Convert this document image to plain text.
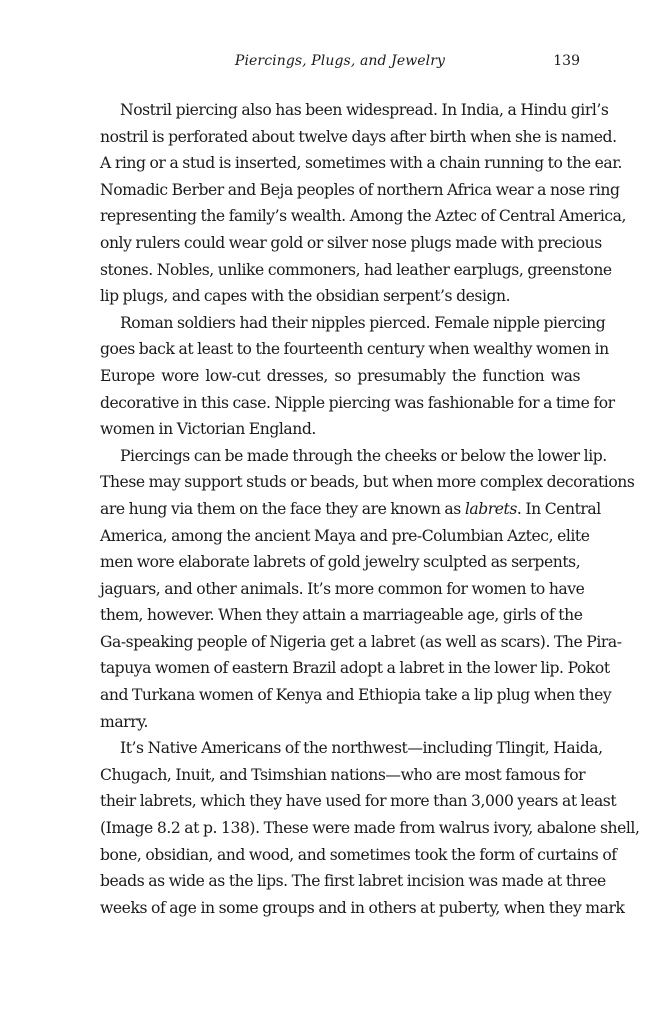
Piercings, Plugs, and Jewelry	139

Nostril piercing also has been widespread. In India, a Hindu girl’s
nostril is perforated about twelve days after birth when she is named.
A ring or a stud is inserted, sometimes with a chain running to the ear.
Nomadic Berber and Beja peoples of northern Africa wear a nose ring
representing the family’s wealth. Among the Aztec of Central America,
only rulers could wear gold or silver nose plugs made with precious
stones. Nobles, unlike commoners, had leather earplugs, greenstone
lip plugs, and capes with the obsidian serpent’s design.

Roman soldiers had their nipples pierced. Female nipple piercing
goes back at least to the fourteenth century when wealthy women in
Europe wore low-cut dresses, so presumably the function was
decorative in this case. Nipple piercing was fashionable for a time for
women in Victorian England.

Piercings can be made through the cheeks or below the lower lip.
These may support studs or beads, but when more complex decorations
are hung via them on the face they are known as labrets. In Central
America, among the ancient Maya and pre-Columbian Aztec, elite
men wore elaborate labrets of gold jewelry sculpted as serpents,
jaguars, and other animals. It’s more common for women to have
them, however. When they attain a marriageable age, girls of the
Ga-speaking people of Nigeria get a labret (as well as scars). The Pira-
tapuya women of eastern Brazil adopt a labret in the lower lip. Pokot
and Turkana women of Kenya and Ethiopia take a lip plug when they
marry.

It’s Native Americans of the northwest—including Tlingit, Haida,
Chugach, Inuit, and Tsimshian nations—who are most famous for
their labrets, which they have used for more than 3,000 years at least
(Image 8.2 at p. 138). These were made from walrus ivory, abalone shell,
bone, obsidian, and wood, and sometimes took the form of curtains of
beads as wide as the lips. The first labret incision was made at three
weeks of age in some groups and in others at puberty, when they mark
